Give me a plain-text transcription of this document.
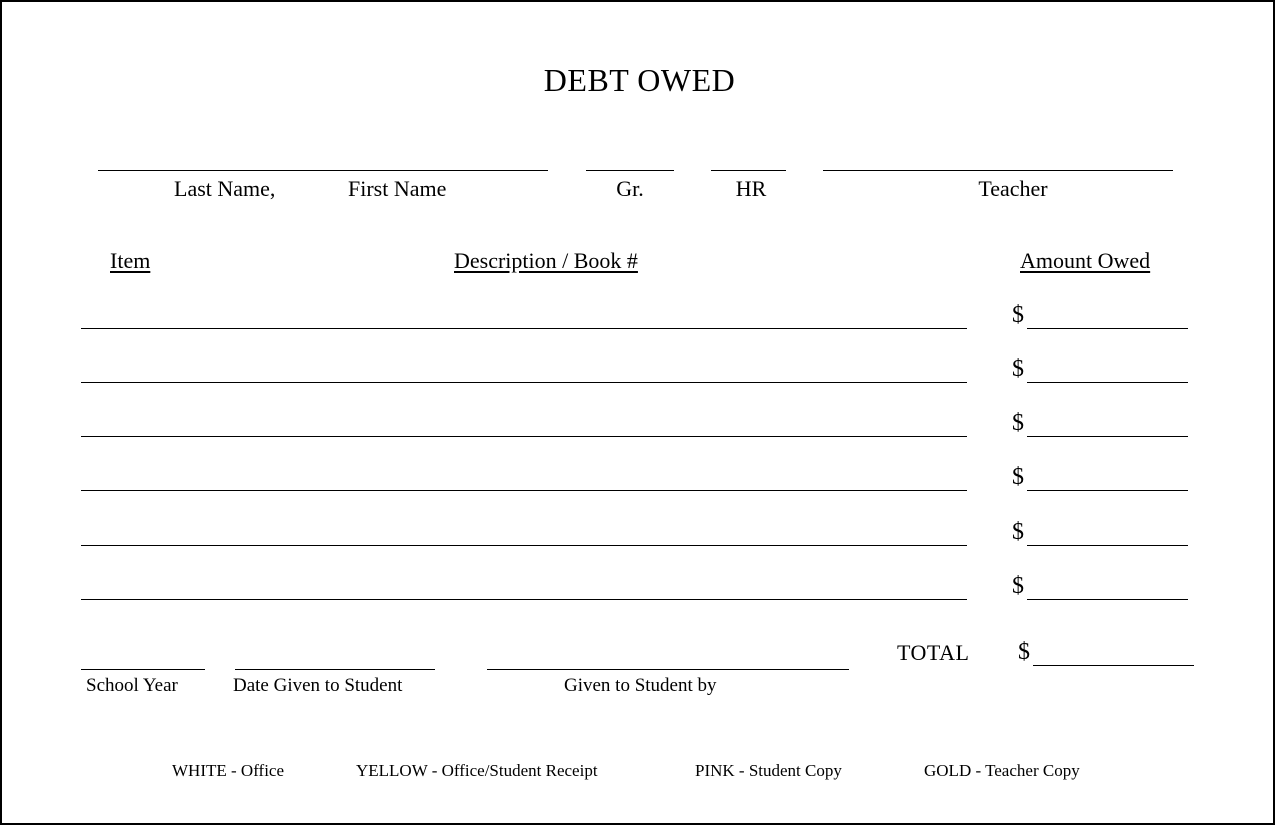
DEBT OWED
Last Name,	First Name	Gr.	HR	Teacher
Item	Description / Book #	Amount Owed
$
$
$
$
$
$
TOTAL $
School Year	Date Given to Student	Given to Student by
WHITE - Office	YELLOW - Office/Student Receipt	PINK - Student Copy	GOLD - Teacher Copy
